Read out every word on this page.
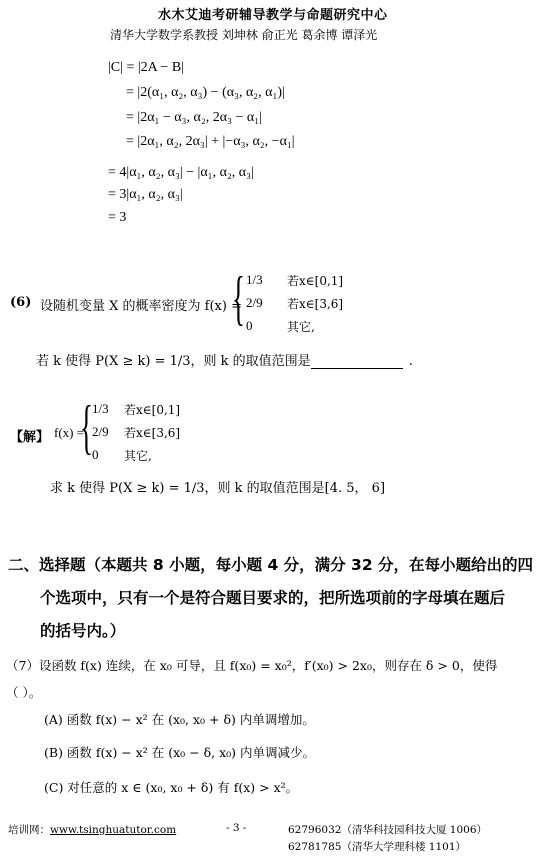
水木艾迪考研辅导教学与命题研究中心
清华大学数学系教授 刘坤林 俞正光 葛余博 谭泽光
|C| = |2A − B|
= |2(α₁, α₂, α₃) − (α₃, α₂, α₁)|
= |2α₁ − α₃, α₂, 2α₃ − α₁|
= |2α₁, α₂, 2α₃| + |−α₃, α₂, −α₁|
= 4|α₁, α₂, α₃| − |α₁, α₂, α₃|
= 3|α₁, α₂, α₃|
= 3
(6) 设随机变量 X 的概率密度为 f(x) =
{ 1/3 若x∈[0,1]
2/9 若x∈[3,6]
0	其它,
若 k 使得 P(X ≥ k) = 1/3，则 k 的取值范围是	.
【解】 f(x) =
{ 1/3 若x∈[0,1]
2/9 若x∈[3,6]
0 其它,
求 k 使得 P(X ≥ k) = 1/3，则 k 的取值范围是[4. 5， 6]
二、选择题（本题共 8 小题，每小题 4 分，满分 32 分，在每小题给出的四
个选项中，只有一个是符合题目要求的，把所选项前的字母填在题后
的括号内。）
（7）设函数 f(x) 连续，在 x₀ 可导，且 f(x₀) = x₀²，f′(x₀) > 2x₀，则存在 δ > 0，使得
（ ）。
(A) 函数 f(x) − x² 在 (x₀, x₀ + δ) 内单调增加。
(B) 函数 f(x) − x² 在 (x₀ − δ, x₀) 内单调减少。
(C) 对任意的 x ∈ (x₀, x₀ + δ) 有 f(x) > x²。
培训网：www.tsinghuatutor.com	- 3 -	62796032（清华科技园科技大厦 1006）
62781785（清华大学理科楼 1101）
